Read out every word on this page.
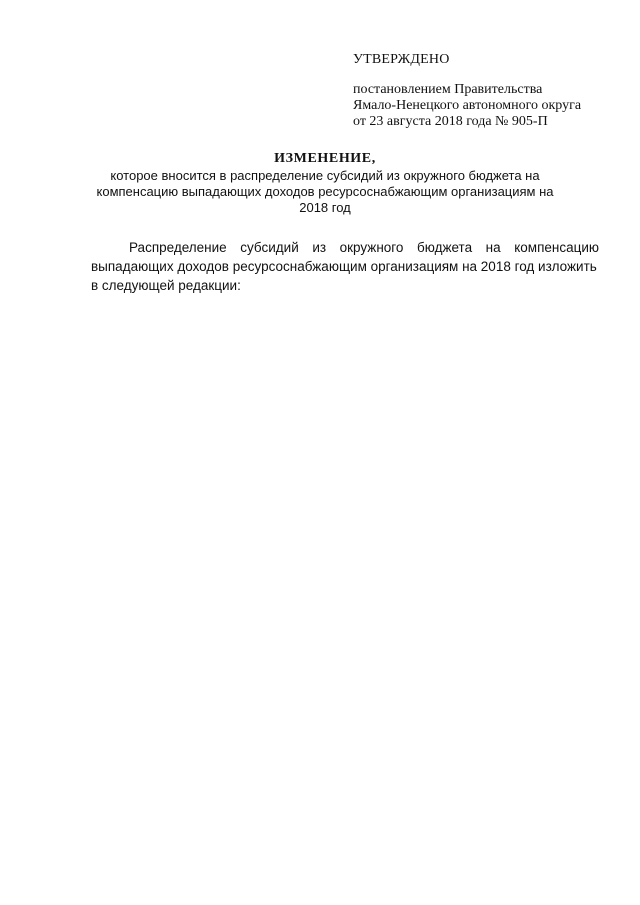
УТВЕРЖДЕНО
постановлением Правительства
Ямало-Ненецкого автономного округа
от 23 августа 2018 года № 905-П
ИЗМЕНЕНИЕ,
которое вносится в распределение субсидий из окружного бюджета на
компенсацию выпадающих доходов ресурсоснабжающим организациям на
2018 год
Распределение субсидий из окружного бюджета на компенсацию
выпадающих доходов ресурсоснабжающим организациям на 2018 год изложить
в следующей редакции:
